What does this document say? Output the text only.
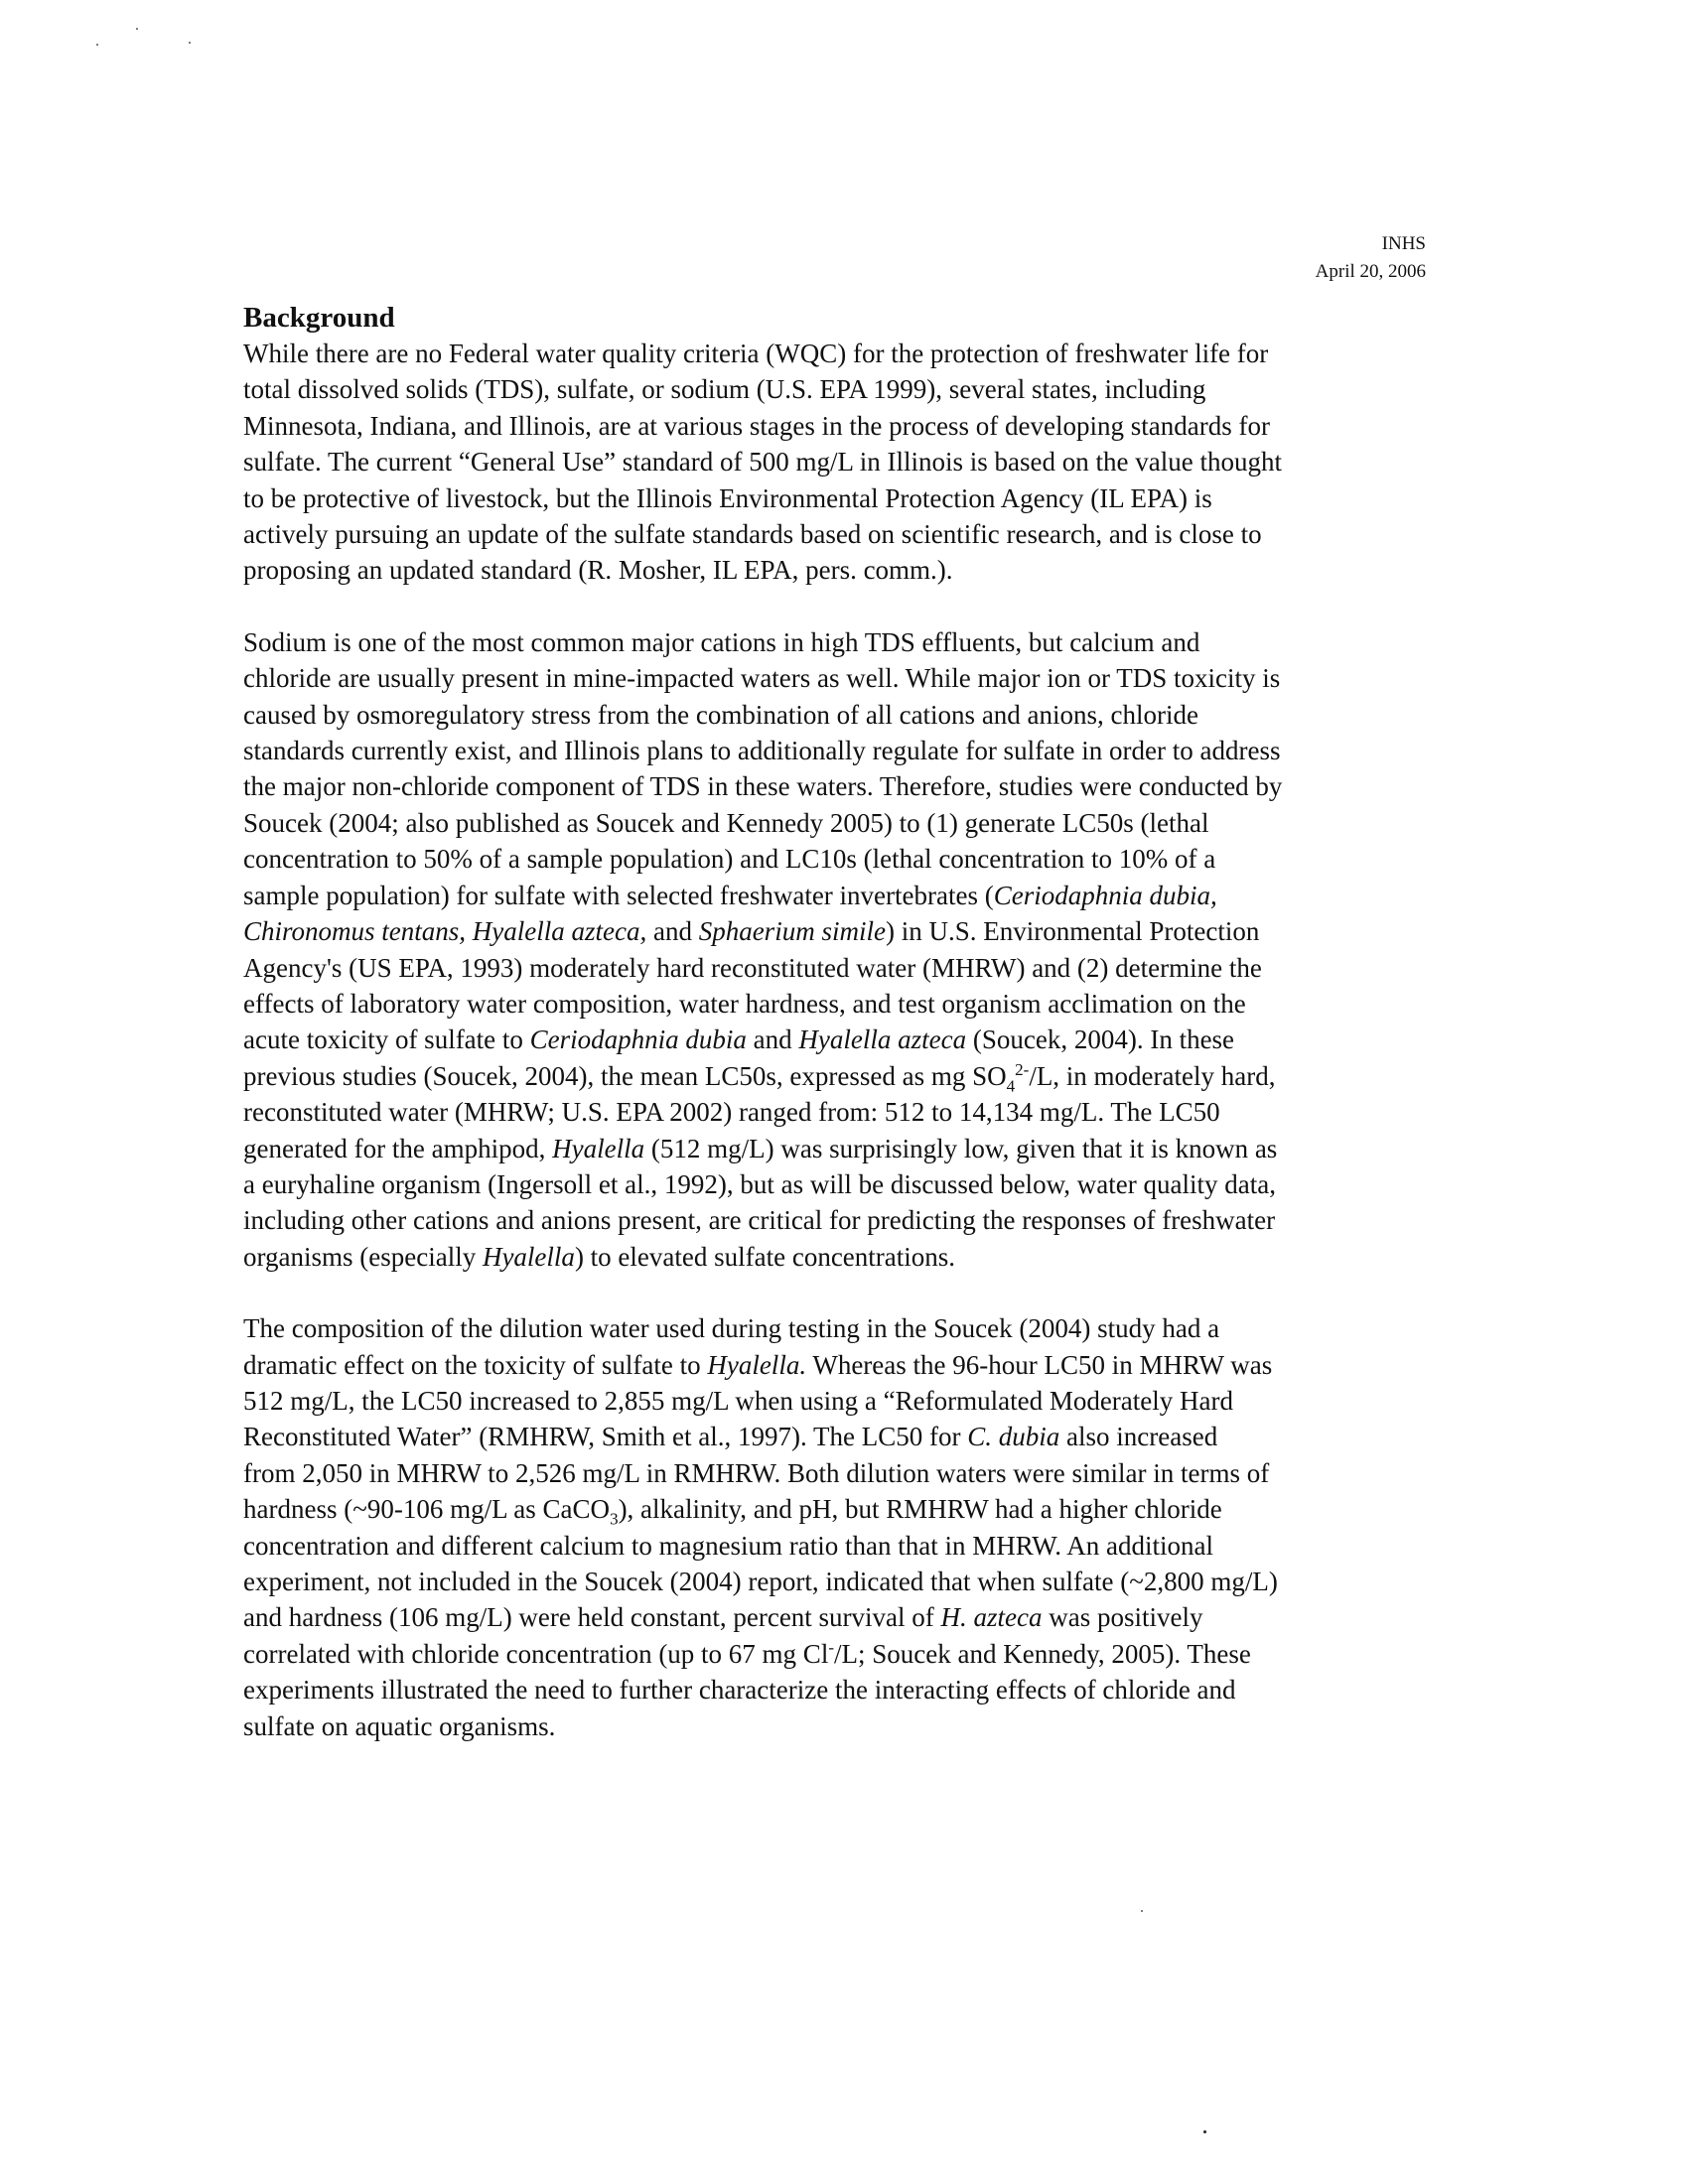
INHS
April 20, 2006
Background
While there are no Federal water quality criteria (WQC) for the protection of freshwater life for
total dissolved solids (TDS), sulfate, or sodium (U.S. EPA 1999), several states, including
Minnesota, Indiana, and Illinois, are at various stages in the process of developing standards for
sulfate. The current “General Use” standard of 500 mg/L in Illinois is based on the value thought
to be protective of livestock, but the Illinois Environmental Protection Agency (IL EPA) is
actively pursuing an update of the sulfate standards based on scientific research, and is close to
proposing an updated standard (R. Mosher, IL EPA, pers. comm.).
Sodium is one of the most common major cations in high TDS effluents, but calcium and
chloride are usually present in mine-impacted waters as well. While major ion or TDS toxicity is
caused by osmoregulatory stress from the combination of all cations and anions, chloride
standards currently exist, and Illinois plans to additionally regulate for sulfate in order to address
the major non-chloride component of TDS in these waters. Therefore, studies were conducted by
Soucek (2004; also published as Soucek and Kennedy 2005) to (1) generate LC50s (lethal
concentration to 50% of a sample population) and LC10s (lethal concentration to 10% of a
sample population) for sulfate with selected freshwater invertebrates (Ceriodaphnia dubia,
Chironomus tentans, Hyalella azteca, and Sphaerium simile) in U.S. Environmental Protection
Agency's (US EPA, 1993) moderately hard reconstituted water (MHRW) and (2) determine the
effects of laboratory water composition, water hardness, and test organism acclimation on the
acute toxicity of sulfate to Ceriodaphnia dubia and Hyalella azteca (Soucek, 2004). In these
previous studies (Soucek, 2004), the mean LC50s, expressed as mg $SO_4^{2-}/L$, in moderately hard,
reconstituted water (MHRW; U.S. EPA 2002) ranged from: 512 to 14,134 mg/L. The LC50
generated for the amphipod, Hyalella (512 mg/L) was surprisingly low, given that it is known as
a euryhaline organism (Ingersoll et al., 1992), but as will be discussed below, water quality data,
including other cations and anions present, are critical for predicting the responses of freshwater
organisms (especially Hyalella) to elevated sulfate concentrations.
The composition of the dilution water used during testing in the Soucek (2004) study had a
dramatic effect on the toxicity of sulfate to Hyalella. Whereas the 96-hour LC50 in MHRW was
512 mg/L, the LC50 increased to 2,855 mg/L when using a “Reformulated Moderately Hard
Reconstituted Water” (RMHRW, Smith et al., 1997). The LC50 for C. dubia also increased
from 2,050 in MHRW to 2,526 mg/L in RMHRW. Both dilution waters were similar in terms of
hardness (~90-106 mg/L as CaCO$_3$), alkalinity, and pH, but RMHRW had a higher chloride
concentration and different calcium to magnesium ratio than that in MHRW. An additional
experiment, not included in the Soucek (2004) report, indicated that when sulfate (~2,800 mg/L)
and hardness (106 mg/L) were held constant, percent survival of H. azteca was positively
correlated with chloride concentration (up to 67 mg Cl-/L; Soucek and Kennedy, 2005). These
experiments illustrated the need to further characterize the interacting effects of chloride and
sulfate on aquatic organisms.
